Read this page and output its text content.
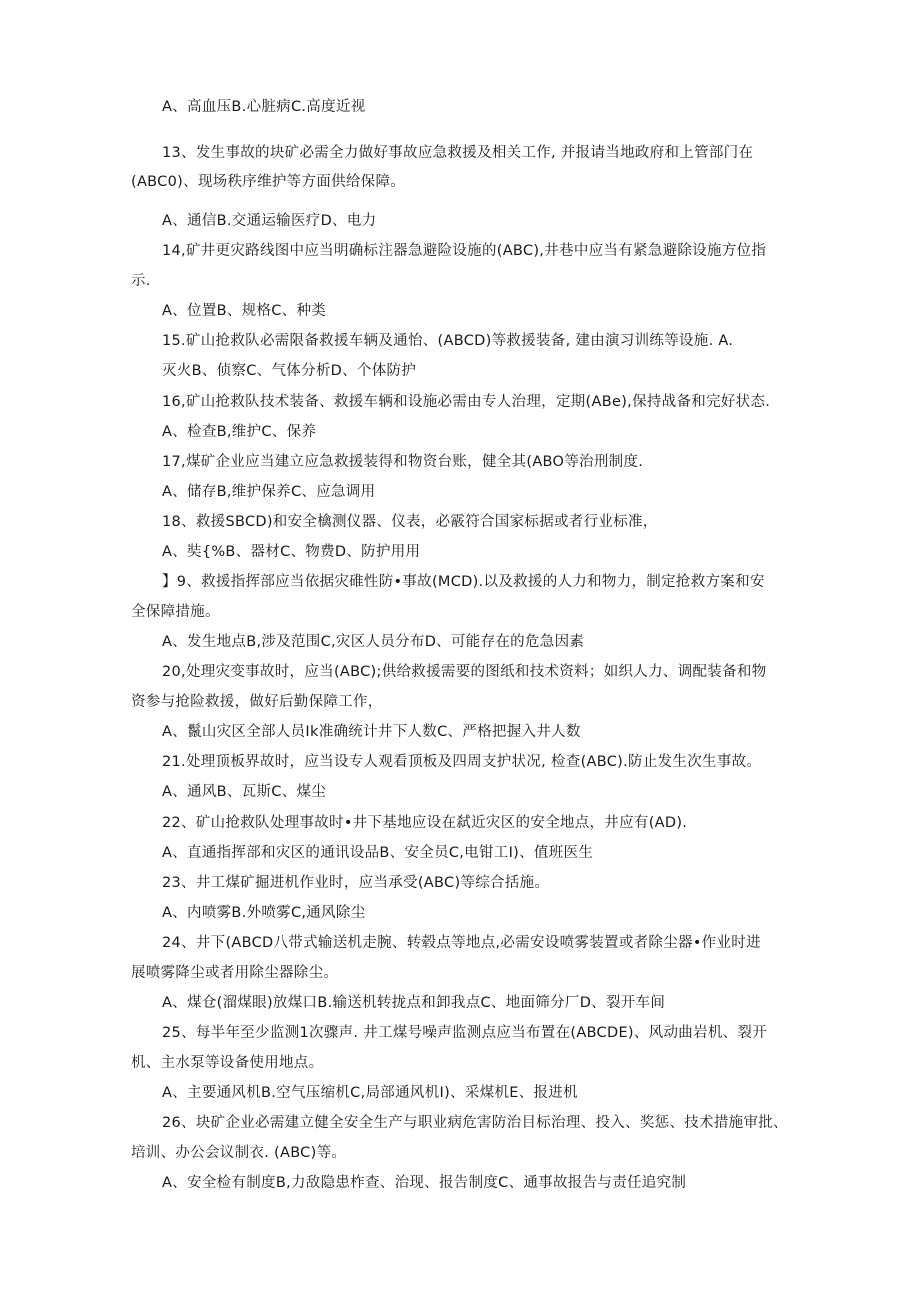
A、高血压B.心脏病C.高度近视
13、发生事故的块矿必需全力做好事故应急救援及相关工作, 并报请当地政府和上管部门在
(ABC0)、现场秩序维护等方面供给保障。
A、通信B.交通运输医疗D、电力
14,矿井更灾路线图中应当明确标注器急避险设施的(ABC),井巷中应当有紧急避除设施方位指
示.
A、位置B、规格C、种类
15.矿山抢救队必需限备救援车辆及通怡、(ABCD)等救援装备, 建由演习训练等设施. A.
灭火B、侦察C、气体分析D、个体防护
16,矿山抢救队技术装备、救援车辆和设施必需由专人治理，定期(ABe),保持战备和完好状态.
A、检查B,维护C、保养
17,煤矿企业应当建立应急救援装得和物资台账，健全其(ABO等治刑制度.
A、储存B,维护保养C、应急调用
18、救援SBCD)和安全檎测仪器、仪表，必霰符合国家标据或者行业标准，
A、奘{%B、器材C、物费D、防护用用
】9、救援指挥部应当依据灾碓性防•事故(MCD).以及救援的人力和物力，制定抢救方案和安
全保障措施。
A、发生地点B,涉及范围C,灾区人员分布D、可能存在的危急因素
20,处理灾变事故时，应当(ABC);供给救援需要的图纸和技术资料；如织人力、调配装备和物
资参与抢险救援，做好后勤保障工作，
A、鬣山灾区全部人员Ik准确统计井下人数C、严格把握入井人数
21.处理顶板界故时，应当设专人观看顶板及四周支护状况, 检查(ABC).防止发生次生事故。
A、通风B、瓦斯C、煤尘
22、矿山抢救队处理事故时•井下基地应设在弑近灾区的安全地点，井应有(AD).
A、直通指挥部和灾区的通讯设品B、安全员C,电钳工I)、值班医生
23、井工煤矿掘进机作业时，应当承受(ABC)等综合括施。
A、内喷雾B.外喷雾C,通风除尘
24、井下(ABCD八带式输送机走腕、转毂点等地点,必需安设喷雾装置或者除尘器•作业时进
展喷雾降尘或者用除尘器除尘。
A、煤仓(溜煤眼)放煤口B.输送机转拢点和卸我点C、地面筛分厂D、裂开车间
25、每半年至少监测1次骤声. 井工煤号噪声监测点应当布置在(ABCDE)、风动曲岩机、裂开
机、主水泵等设备使用地点。
A、主要通风机B.空气压缩机C,局部通风机I)、采煤机E、报进机
26、块矿企业必需建立健全安全生产与职业病危害防治目标治理、投入、奖惩、技术措施审批、
培训、办公会议制衣. (ABC)等。
A、安全检有制度B,力敌隐患柞查、治现、报告制度C、通事故报告与责任追究制
